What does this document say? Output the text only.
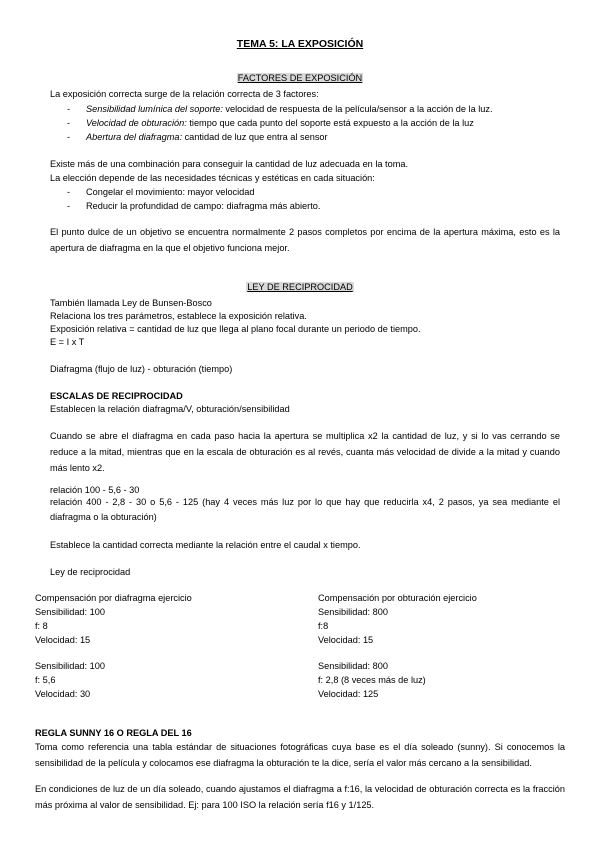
TEMA 5: LA EXPOSICIÓN
FACTORES DE EXPOSICIÓN
La exposición correcta surge de la relación correcta de 3 factores:
- Sensibilidad lumínica del soporte: velocidad de respuesta de la película/sensor a la acción de la luz.
- Velocidad de obturación: tiempo que cada punto del soporte está expuesto a la acción de la luz
- Abertura del diafragma: cantidad de luz que entra al sensor
Existe más de una combinación para conseguir la cantidad de luz adecuada en la toma.
La elección depende de las necesidades técnicas y estéticas en cada situación:
- Congelar el movimiento: mayor velocidad
- Reducir la profundidad de campo: diafragma más abierto.
El punto dulce de un objetivo se encuentra normalmente 2 pasos completos por encima de la apertura máxima, esto es la apertura de diafragma en la que el objetivo funciona mejor.
LEY DE RECIPROCIDAD
También llamada Ley de Bunsen-Bosco
Relaciona los tres parámetros, establece la exposición relativa.
Exposición relativa = cantidad de luz que llega al plano focal durante un periodo de tiempo.
E = I x T
Diafragma (flujo de luz) - obturación (tiempo)
ESCALAS DE RECIPROCIDAD
Establecen la relación diafragma/V, obturación/sensibilidad
Cuando se abre el diafragma en cada paso hacia la apertura se multiplica x2 la cantidad de luz, y si lo vas cerrando se reduce a la mitad, mientras que en la escala de obturación es al revés, cuanta más velocidad de divide a la mitad y cuando más lento x2.
relación 100 - 5,6 - 30
relación 400 - 2,8 - 30 o 5,6 - 125 (hay 4 veces más luz por lo que hay que reducirla x4, 2 pasos, ya sea mediante el diafragma o la obturación)
Establece la cantidad correcta mediante la relación entre el caudal x tiempo.
Ley de reciprocidad
Compensación por diafragma ejercicio
Sensibilidad: 100
f: 8
Velocidad: 15
Sensibilidad: 100
f: 5,6
Velocidad: 30
Compensación por obturación ejercicio
Sensibilidad: 800
f:8
Velocidad: 15
Sensibilidad: 800
f: 2,8 (8 veces más de luz)
Velocidad: 125
REGLA SUNNY 16 O REGLA DEL 16
Toma como referencia una tabla estándar de situaciones fotográficas cuya base es el día soleado (sunny). Si conocemos la sensibilidad de la película y colocamos ese diafragma la obturación te la dice, sería el valor más cercano a la sensibilidad.
En condiciones de luz de un día soleado, cuando ajustamos el diafragma a f:16, la velocidad de obturación correcta es la fracción más próxima al valor de sensibilidad. Ej: para 100 ISO la relación sería f16 y 1/125.
